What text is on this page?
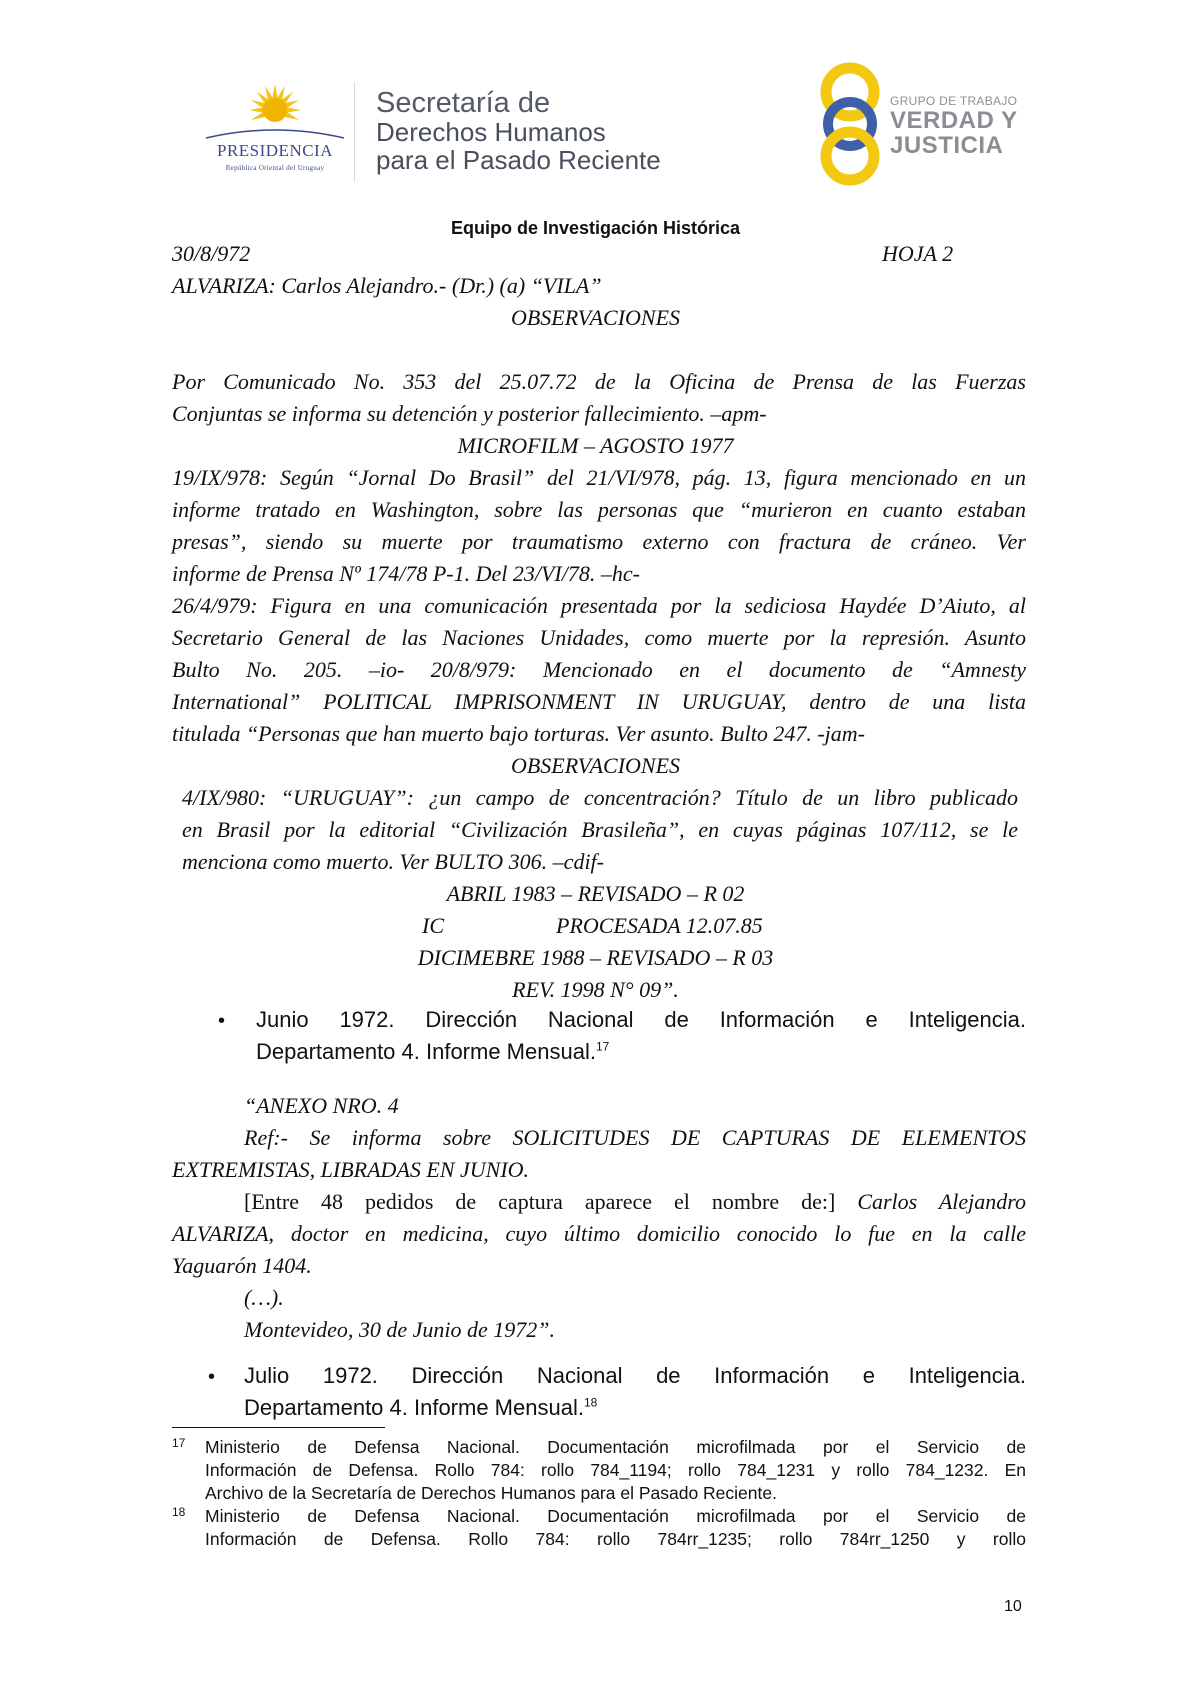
PRESIDENCIA
República Oriental del Uruguay
Secretaría de
Derechos Humanos
para el Pasado Reciente
GRUPO DE TRABAJO
VERDAD Y
JUSTICIA
Equipo de Investigación Histórica
30/8/972	HOJA 2
ALVARIZA: Carlos Alejandro.- (Dr.) (a) “VILA”
OBSERVACIONES
Por Comunicado No. 353 del 25.07.72 de la Oficina de Prensa de las Fuerzas
Conjuntas se informa su detención y posterior fallecimiento. –apm-
MICROFILM – AGOSTO 1977
19/IX/978: Según “Jornal Do Brasil” del 21/VI/978, pág. 13, figura mencionado en un
informe tratado en Washington, sobre las personas que “murieron en cuanto estaban
presas”, siendo su muerte por traumatismo externo con fractura de cráneo. Ver
informe de Prensa Nº 174/78 P-1. Del 23/VI/78. –hc-
26/4/979: Figura en una comunicación presentada por la sediciosa Haydée D’Aiuto, al
Secretario General de las Naciones Unidades, como muerte por la represión. Asunto
Bulto No. 205. –io- 20/8/979: Mencionado en el documento de “Amnesty
International” POLITICAL IMPRISONMENT IN URUGUAY, dentro de una lista
titulada “Personas que han muerto bajo torturas. Ver asunto. Bulto 247. -jam-
OBSERVACIONES
4/IX/980: “URUGUAY”: ¿un campo de concentración? Título de un libro publicado
en Brasil por la editorial “Civilización Brasileña”, en cuyas páginas 107/112, se le
menciona como muerto. Ver BULTO 306. –cdif-
ABRIL 1983 – REVISADO – R 02
IC	PROCESADA 12.07.85
DICIMEBRE 1988 – REVISADO – R 03
REV. 1998 N° 09”.
• Junio 1972. Dirección Nacional de Información e Inteligencia.
Departamento 4. Informe Mensual.$^{17}$
“ANEXO NRO. 4
Ref:- Se informa sobre SOLICITUDES DE CAPTURAS DE ELEMENTOS
EXTREMISTAS, LIBRADAS EN JUNIO.
[Entre 48 pedidos de captura aparece el nombre de:] Carlos Alejandro
ALVARIZA, doctor en medicina, cuyo último domicilio conocido lo fue en la calle
Yaguarón 1404.
(…).
Montevideo, 30 de Junio de 1972”.
• Julio 1972. Dirección Nacional de Información e Inteligencia.
Departamento 4. Informe Mensual.$^{18}$
17 Ministerio de Defensa Nacional. Documentación microfilmada por el Servicio de
Información de Defensa. Rollo 784: rollo 784_1194; rollo 784_1231 y rollo 784_1232. En
Archivo de la Secretaría de Derechos Humanos para el Pasado Reciente.
18 Ministerio de Defensa Nacional. Documentación microfilmada por el Servicio de
Información de Defensa. Rollo 784: rollo 784rr_1235; rollo 784rr_1250 y rollo
10
